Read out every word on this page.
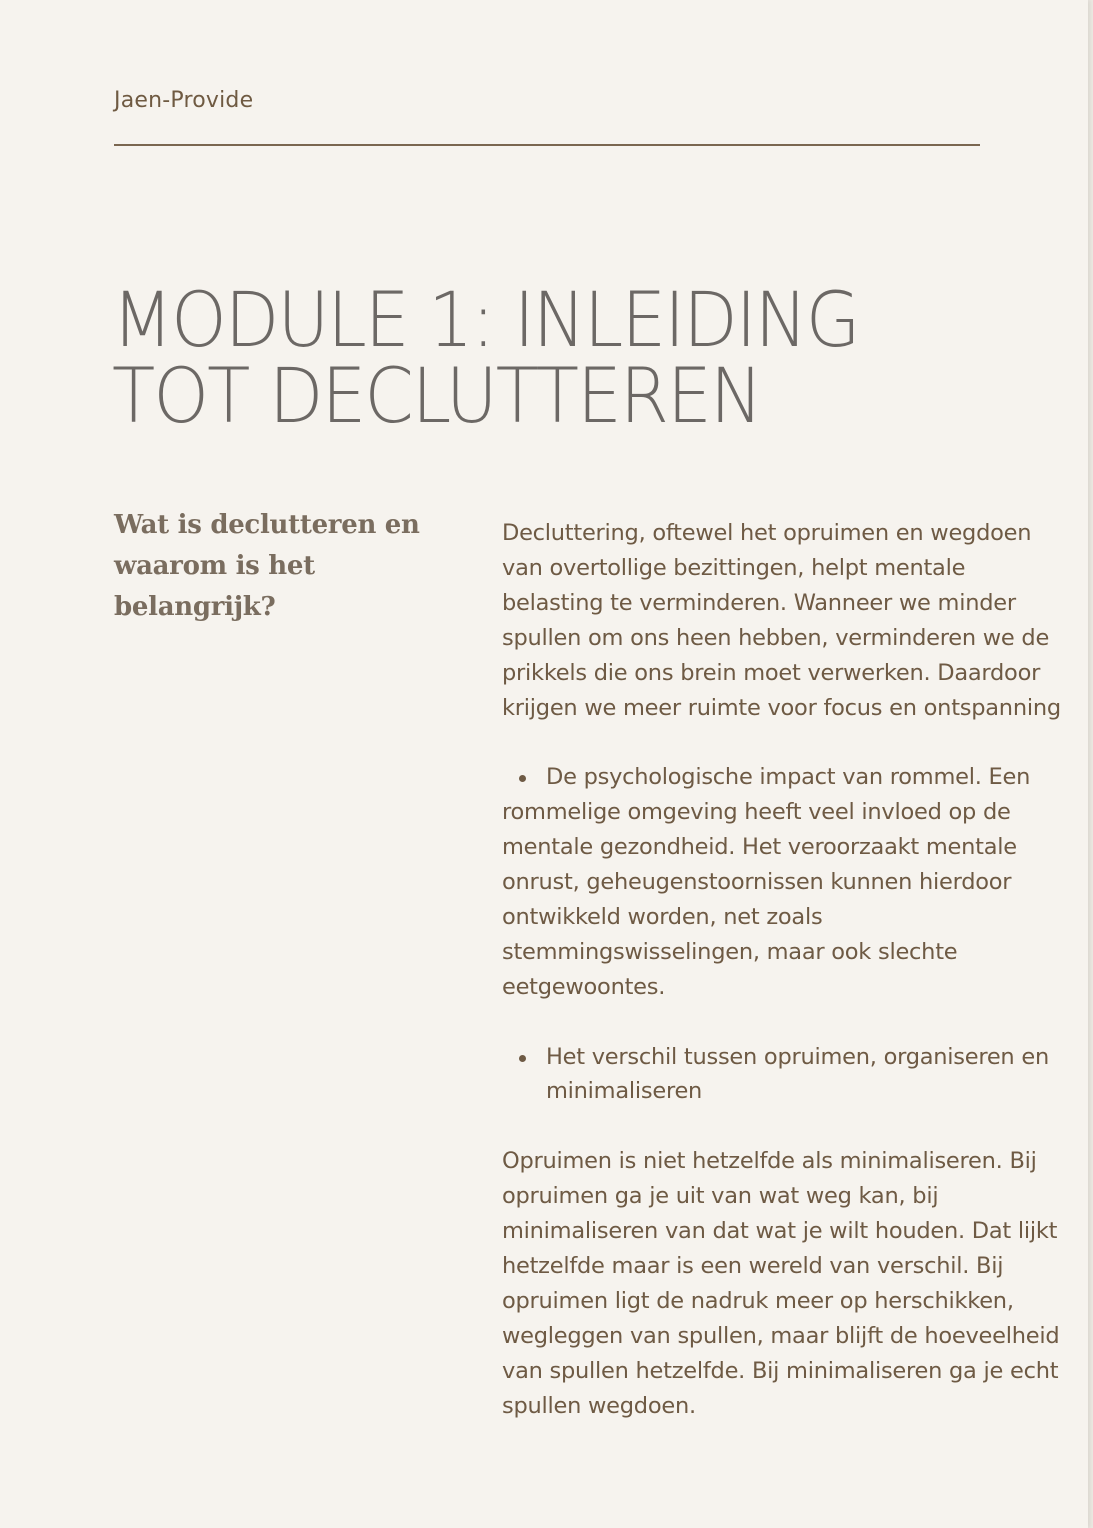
Jaen-Provide
MODULE 1: INLEIDING
TOT DECLUTTEREN
Wat is declutteren en waarom is het belangrijk?

Decluttering, oftewel het opruimen en wegdoen van overtollige bezittingen, helpt mentale belasting te verminderen. Wanneer we minder spullen om ons heen hebben, verminderen we de prikkels die ons brein moet verwerken. Daardoor krijgen we meer ruimte voor focus en ontspanning

De psychologische impact van rommel. Een rommelige omgeving heeft veel invloed op de mentale gezondheid. Het veroorzaakt mentale onrust, geheugenstoornissen kunnen hierdoor ontwikkeld worden, net zoals stemmingswisselingen, maar ook slechte eetgewoontes.

Het verschil tussen opruimen, organiseren en minimaliseren

Opruimen is niet hetzelfde als minimaliseren. Bij opruimen ga je uit van wat weg kan, bij minimaliseren van dat wat je wilt houden. Dat lijkt hetzelfde maar is een wereld van verschil. Bij opruimen ligt de nadruk meer op herschikken, wegleggen van spullen, maar blijft de hoeveelheid van spullen hetzelfde. Bij minimaliseren ga je echt spullen wegdoen.
